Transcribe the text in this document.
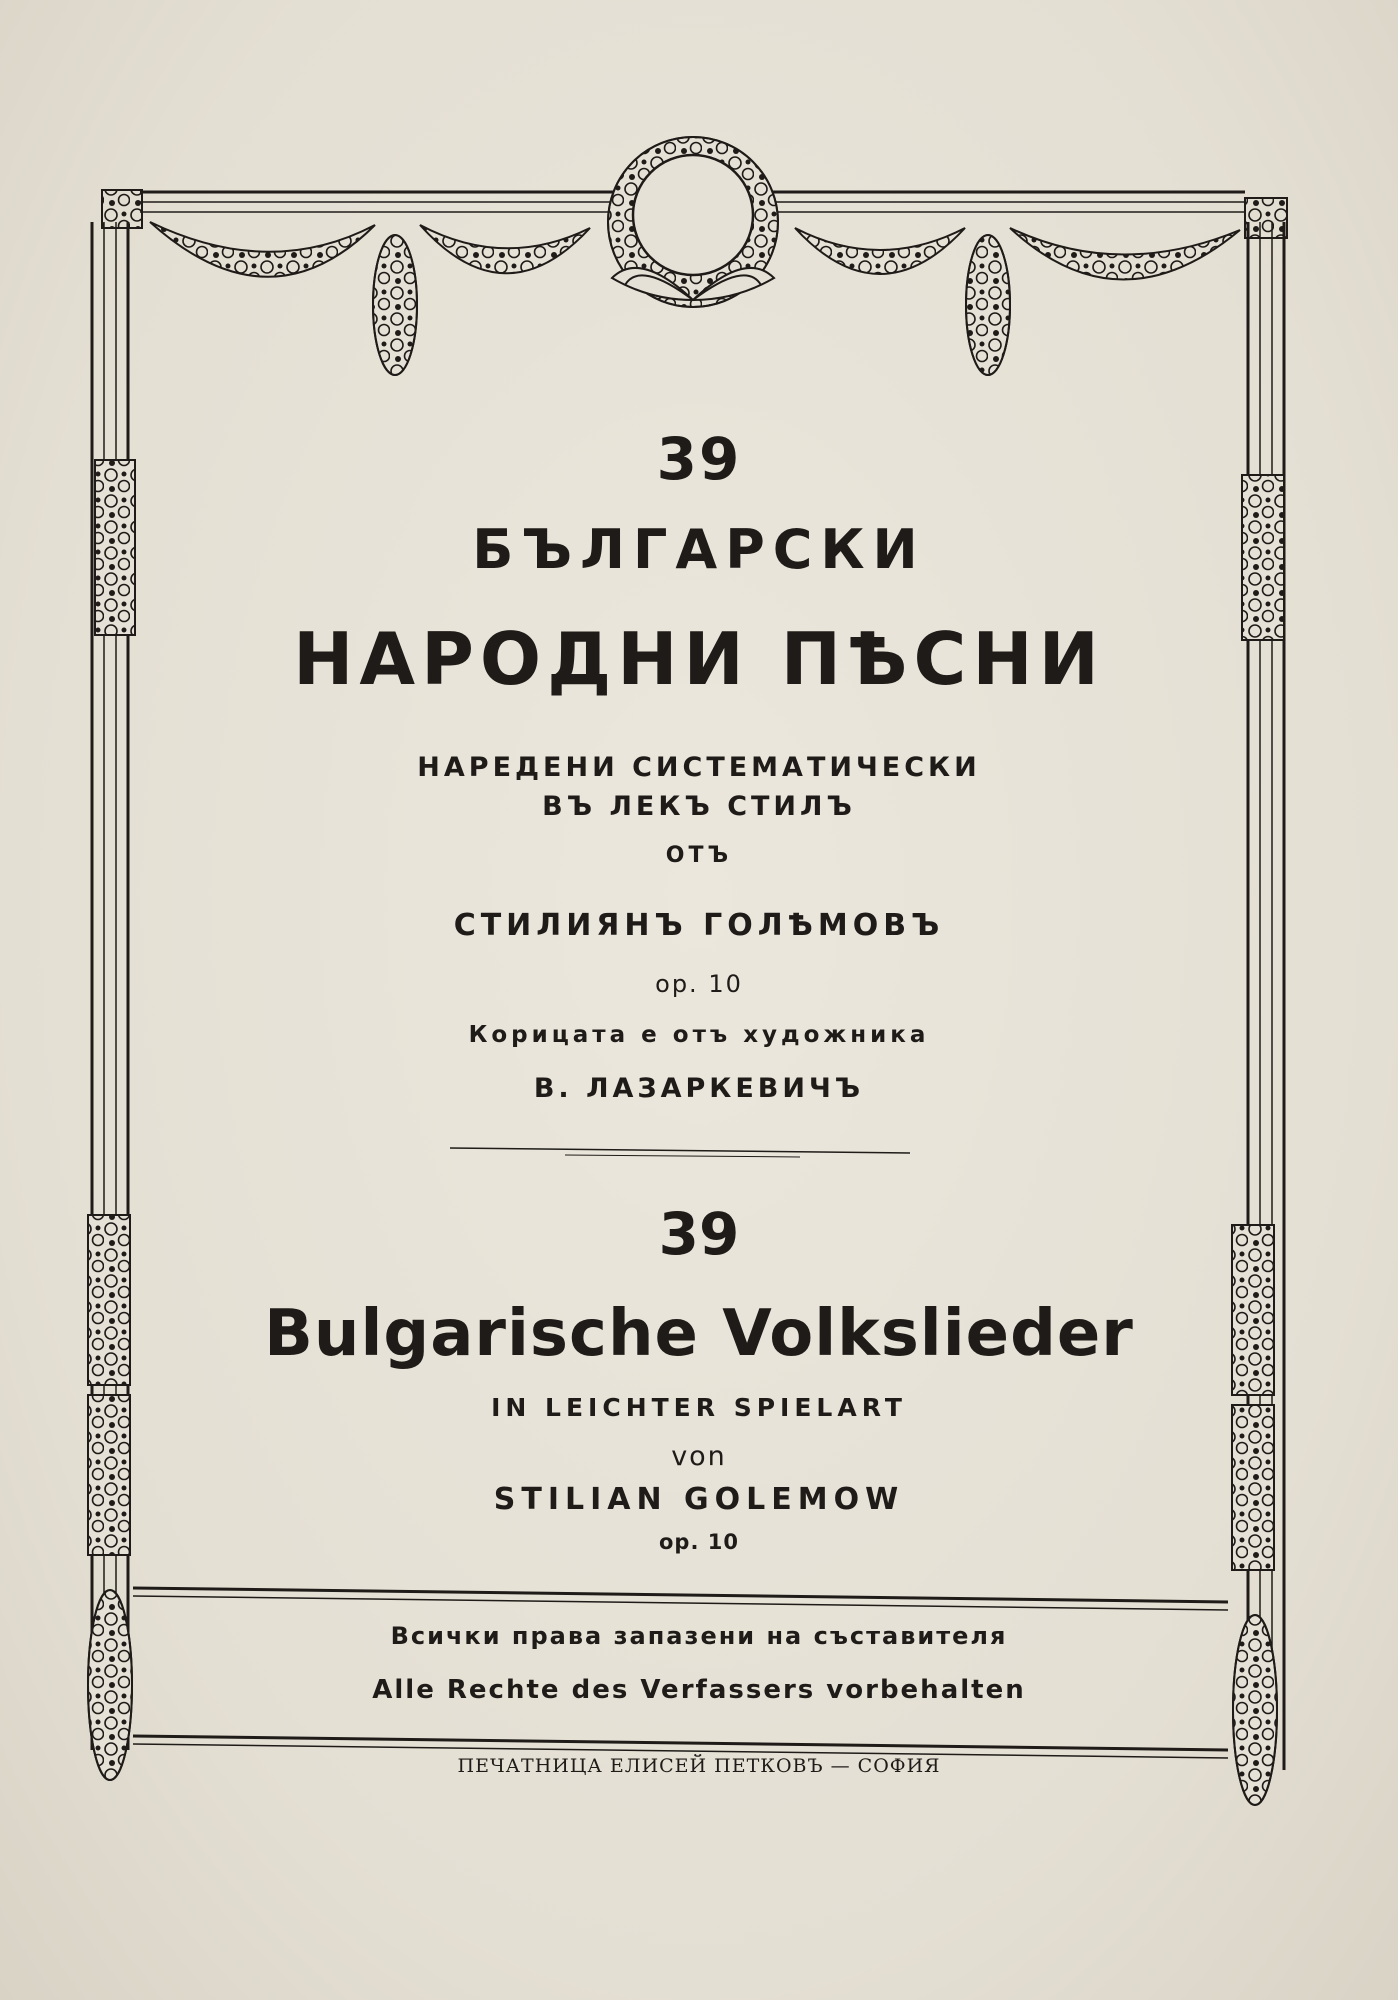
39

БЪЛГАРСКИ

НАРОДНИ ПѢСНИ

НАРЕДЕНИ СИСТЕМАТИЧЕСКИ

ВЪ ЛЕКЪ СТИЛЪ

ОТЪ

СТИЛИЯНЪ ГОЛѢМОВЪ

op. 10

Корицата е отъ художника

В. ЛАЗАРКЕВИЧЪ

39

Bulgarische Volkslieder

IN LEICHTER SPIELART

von

STILIAN GOLEMOW

op. 10

Всички права запазени на съставителя

Alle Rechte des Verfassers vorbehalten

ПЕЧАТНИЦА ЕЛИСЕЙ ПЕТКОВЪ — СОФИЯ
